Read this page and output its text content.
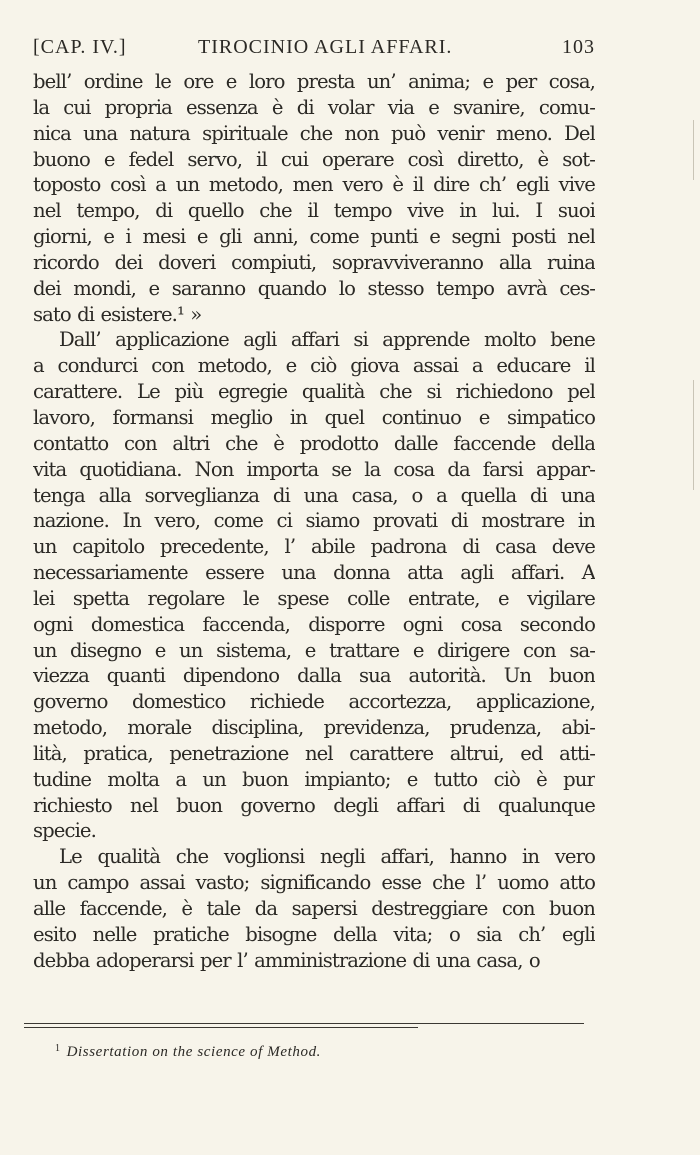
[CAP. IV.]	TIROCINIO AGLI AFFARI.	103
bell’ ordine le ore e loro presta un’ anima; e per cosa,
la cui propria essenza è di volar via e svanire, comu-
nica una natura spirituale che non può venir meno. Del
buono e fedel servo, il cui operare così diretto, è sot-
toposto così a un metodo, men vero è il dire ch’ egli vive
nel tempo, di quello che il tempo vive in lui. I suoi
giorni, e i mesi e gli anni, come punti e segni posti nel
ricordo dei doveri compiuti, sopravviveranno alla ruina
dei mondi, e saranno quando lo stesso tempo avrà ces-
sato di esistere.¹ »
Dall’ applicazione agli affari si apprende molto bene
a condurci con metodo, e ciò giova assai a educare il
carattere. Le più egregie qualità che si richiedono pel
lavoro, formansi meglio in quel continuo e simpatico
contatto con altri che è prodotto dalle faccende della
vita quotidiana. Non importa se la cosa da farsi appar-
tenga alla sorveglianza di una casa, o a quella di una
nazione. In vero, come ci siamo provati di mostrare in
un capitolo precedente, l’ abile padrona di casa deve
necessariamente essere una donna atta agli affari. A
lei spetta regolare le spese colle entrate, e vigilare
ogni domestica faccenda, disporre ogni cosa secondo
un disegno e un sistema, e trattare e dirigere con sa-
viezza quanti dipendono dalla sua autorità. Un buon
governo domestico richiede accortezza, applicazione,
metodo, morale disciplina, previdenza, prudenza, abi-
lità, pratica, penetrazione nel carattere altrui, ed atti-
tudine molta a un buon impianto; e tutto ciò è pur
richiesto nel buon governo degli affari di qualunque
specie.
Le qualità che voglionsi negli affari, hanno in vero
un campo assai vasto; significando esse che l’ uomo atto
alle faccende, è tale da sapersi destreggiare con buon
esito nelle pratiche bisogne della vita; o sia ch’ egli
debba adoperarsi per l’ amministrazione di una casa, o
$^1$ Dissertation on the science of Method.
